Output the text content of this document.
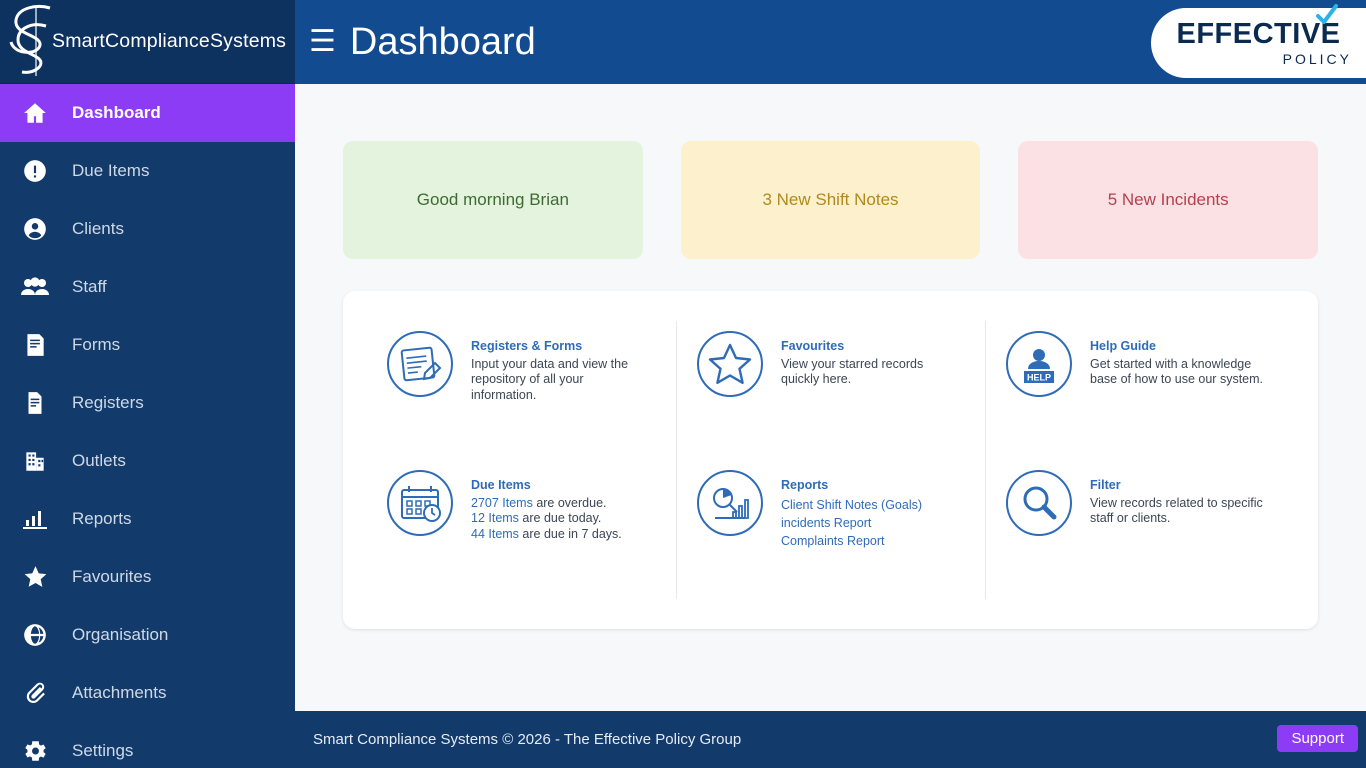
SmartComplianceSystems
Dashboard
Due Items
Clients
Staff
Forms
Registers
Outlets
Reports
Favourites
Organisation
Attachments
Settings
☰ Dashboard	EFFECTIVE
POLICY
Good morning Brian	3 New Shift Notes	5 New Incidents
Registers & Forms
Input your data and view the repository of all your information.
Favourites
View your starred records quickly here.	HELP
Help Guide
Get started with a knowledge base of how to use our system.
Due Items
2707 Items are overdue.
12 Items are due today.
44 Items are due in 7 days.
Reports
Client Shift Notes (Goals)
incidents Report
Complaints Report
Filter
View records related to specific staff or clients.
Smart Compliance Systems © 2026 - The Effective Policy Group	Support
